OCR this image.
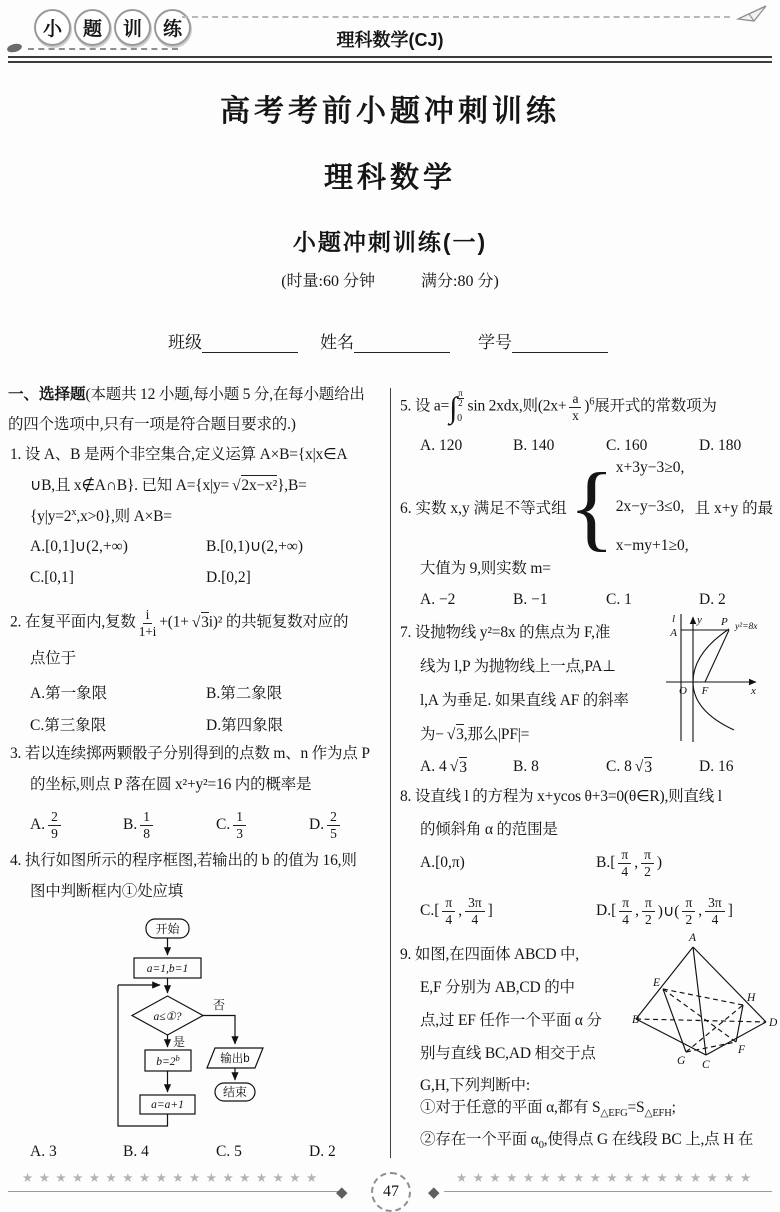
小	题	训	练	理科数学(CJ)
高考考前小题冲刺训练
理科数学
小题冲刺训练(一)
(时量:60 分钟	满分:80 分)
班级	姓名	学号
一、选择题(本题共 12 小题,每小题 5 分,在每小题给出
的四个选项中,只有一项是符合题目要求的.)
1. 设 A、B 是两个非空集合,定义运算 A×B={x|x∈A
∪B,且 x∉A∩B}. 已知 A={x|y= √2x−x²},B=
$\{y|y=2^x,x>0\}$,则 A×B=
A.[0,1]∪(2,+∞)	B.[0,1)∪(2,+∞)
C.[0,1]	D.[0,2]
2. 在复平面内,复数 $\frac{i}{1+i} +(1+ √3i)^2$ 的共轭复数对应的
点位于
A.第一象限	B.第二象限
C.第三象限	D.第四象限
3. 若以连续掷两颗骰子分别得到的点数 m、n 作为点 P
的坐标,则点 P 落在圆 x²+y²=16 内的概率是
A. $\frac{2}{9}$	B. $\frac{1}{8}$	C. $\frac{1}{3}$	D. $\frac{2}{5}$
4. 执行如图所示的程序框图,若输出的 b 的值为 16,则
图中判断框内①处应填
开始
a=1,b=1
a≤①?
否
是
$b=2^b$	输出b
a=a+1
结束
A. 3	B. 4	C. 5	D. 2
5. 设 $a=\int \frac{\pi}{2}$
0
sin 2xdx,则$(2x+ \frac{a}{x} )^6$展开式的常数项为
A. 120	B. 140	C. 160	D. 180
6. 实数 x,y 满足不等式组 { x+3y−3≥0,
2x−y−3≤0,
x−my+1≥0,
且 x+y 的最
大值为 9,则实数 m=
A. −2	B. −1	C. 1	D. 2
7. 设抛物线 y²=8x 的焦点为 F,准
线为 l,P 为抛物线上一点,PA⊥
l,A 为垂足. 如果直线 AF 的斜率
为− √3,那么|PF|=
l
A
y P y²=8x
O F	x
A. 4 √ 3	B. 8	C. 8 √ 3	D. 16
8. 设直线 l 的方程为 x+ycos θ+3=0(θ∈R),则直线 l
的倾斜角 α 的范围是
A.[0,π)	B. [ $\frac{\pi}{4}$ , $\frac{\pi}{2}$ )
C. [ $\frac{\pi}{4}$ , $\frac{3\pi}{4}$ ]	D. [ $\frac{\pi}{4}$ , $\frac{\pi}{2}$ )∪( $\frac{\pi}{2}$ , $\frac{3\pi}{4}$ ]
9. 如图,在四面体 ABCD 中,
E,F 分别为 AB,CD 的中
点,过 EF 任作一个平面 α 分
别与直线 BC,AD 相交于点
G,H,下列判断中:
A
B
C
D
E
F
G
H
①对于任意的平面 α,都有 $S_{\triangle EFG}=S_{\triangle EFH}$;
②存在一个平面 $\alpha_0$,使得点 G 在线段 BC 上,点 H 在
★★★★★★★★★★★★★★★★★★
◆ 47 ◆
★★★★★★★★★★★★★★★★★★
